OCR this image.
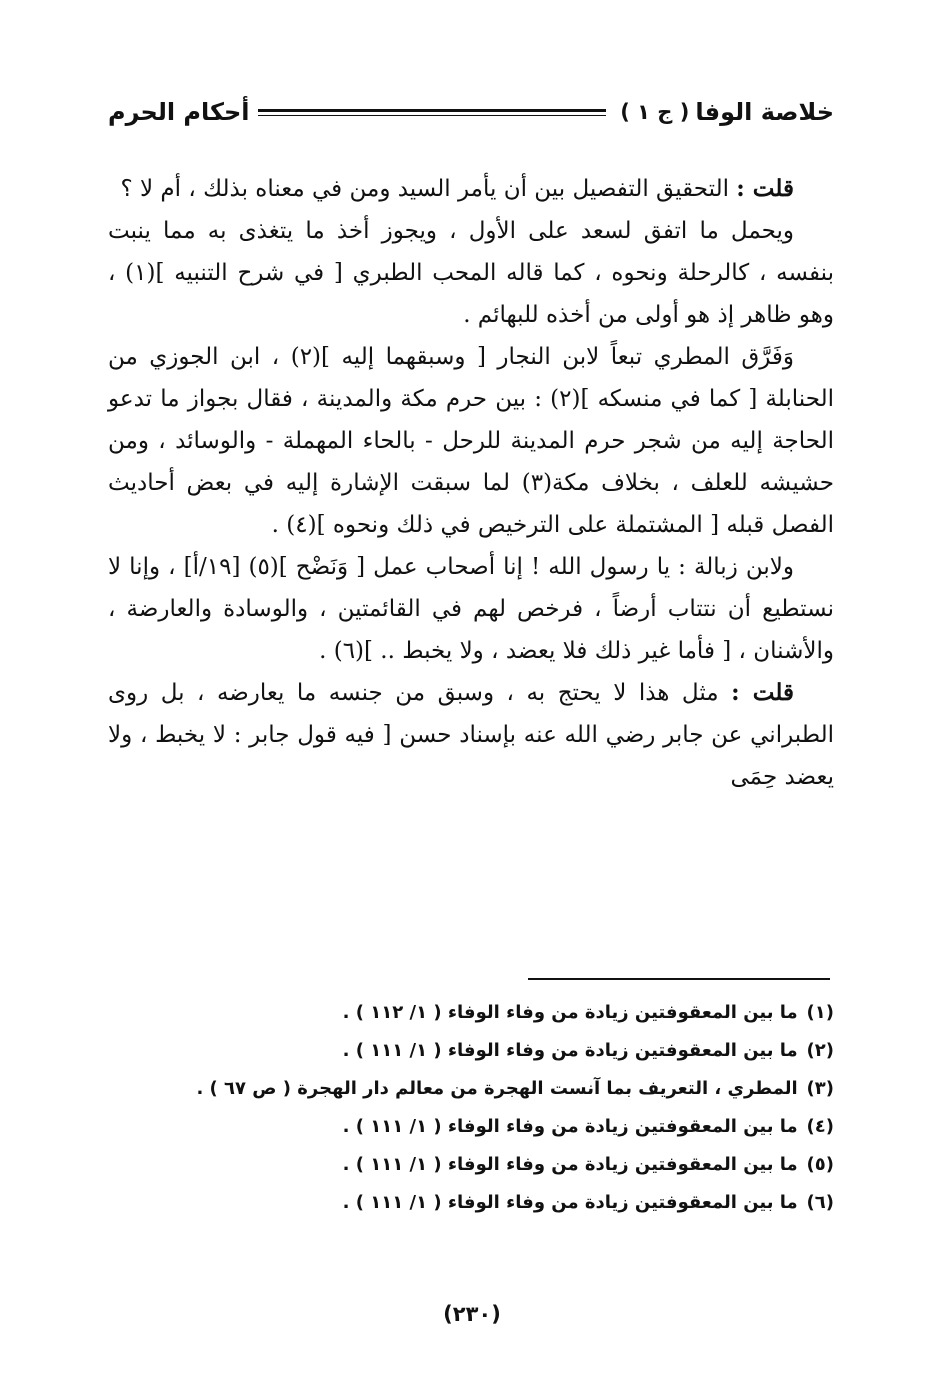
خلاصة الوفا
( ج ١ )
أحكام الحرم

قلت : التحقيق التفصيل بين أن يأمر السيد ومن في معناه بذلك ، أم لا ؟

ويحمل ما اتفق لسعد على الأول ، ويجوز أخذ ما يتغذى به مما ينبت بنفسه ، كالرحلة ونحوه ، كما قاله المحب الطبري [ في شرح التنبيه ](١) ، وهو ظاهر إذ هو أولى من أخذه للبهائم .

وَفَرَّق المطري تبعاً لابن النجار [ وسبقهما إليه ](٢) ، ابن الجوزي من الحنابلة [ كما في منسكه ](٢) : بين حرم مكة والمدينة ، فقال بجواز ما تدعو الحاجة إليه من شجر حرم المدينة للرحل - بالحاء المهملة - والوسائد ، ومن حشيشه للعلف ، بخلاف مكة(٣) لما سبقت الإشارة إليه في بعض أحاديث الفصل قبله [ المشتملة على الترخيص في ذلك ونحوه ](٤) .

ولابن زبالة : يا رسول الله ! إنا أصحاب عمل [ وَنَضْح ](٥) [١٩/أ] ، وإنا لا نستطيع أن نتتاب أرضاً ، فرخص لهم في القائمتين ، والوسادة والعارضة ، والأشنان ، [ فأما غير ذلك فلا يعضد ، ولا يخبط .. ](٦) .

قلت : مثل هذا لا يحتج به ، وسبق من جنسه ما يعارضه ، بل روى الطبراني عن جابر رضي الله عنه بإسناد حسن [ فيه قول جابر : لا يخبط ، ولا يعضد حِمَى

(١) ما بين المعقوفتين زيادة من وفاء الوفاء ( ١/ ١١٢ ) .
(٢) ما بين المعقوفتين زيادة من وفاء الوفاء ( ١/ ١١١ ) .
(٣) المطري ، التعريف بما آنست الهجرة من معالم دار الهجرة ( ص ٦٧ ) .
(٤) ما بين المعقوفتين زيادة من وفاء الوفاء ( ١/ ١١١ ) .
(٥) ما بين المعقوفتين زيادة من وفاء الوفاء ( ١/ ١١١ ) .
(٦) ما بين المعقوفتين زيادة من وفاء الوفاء ( ١/ ١١١ ) .
(٢٣٠)
